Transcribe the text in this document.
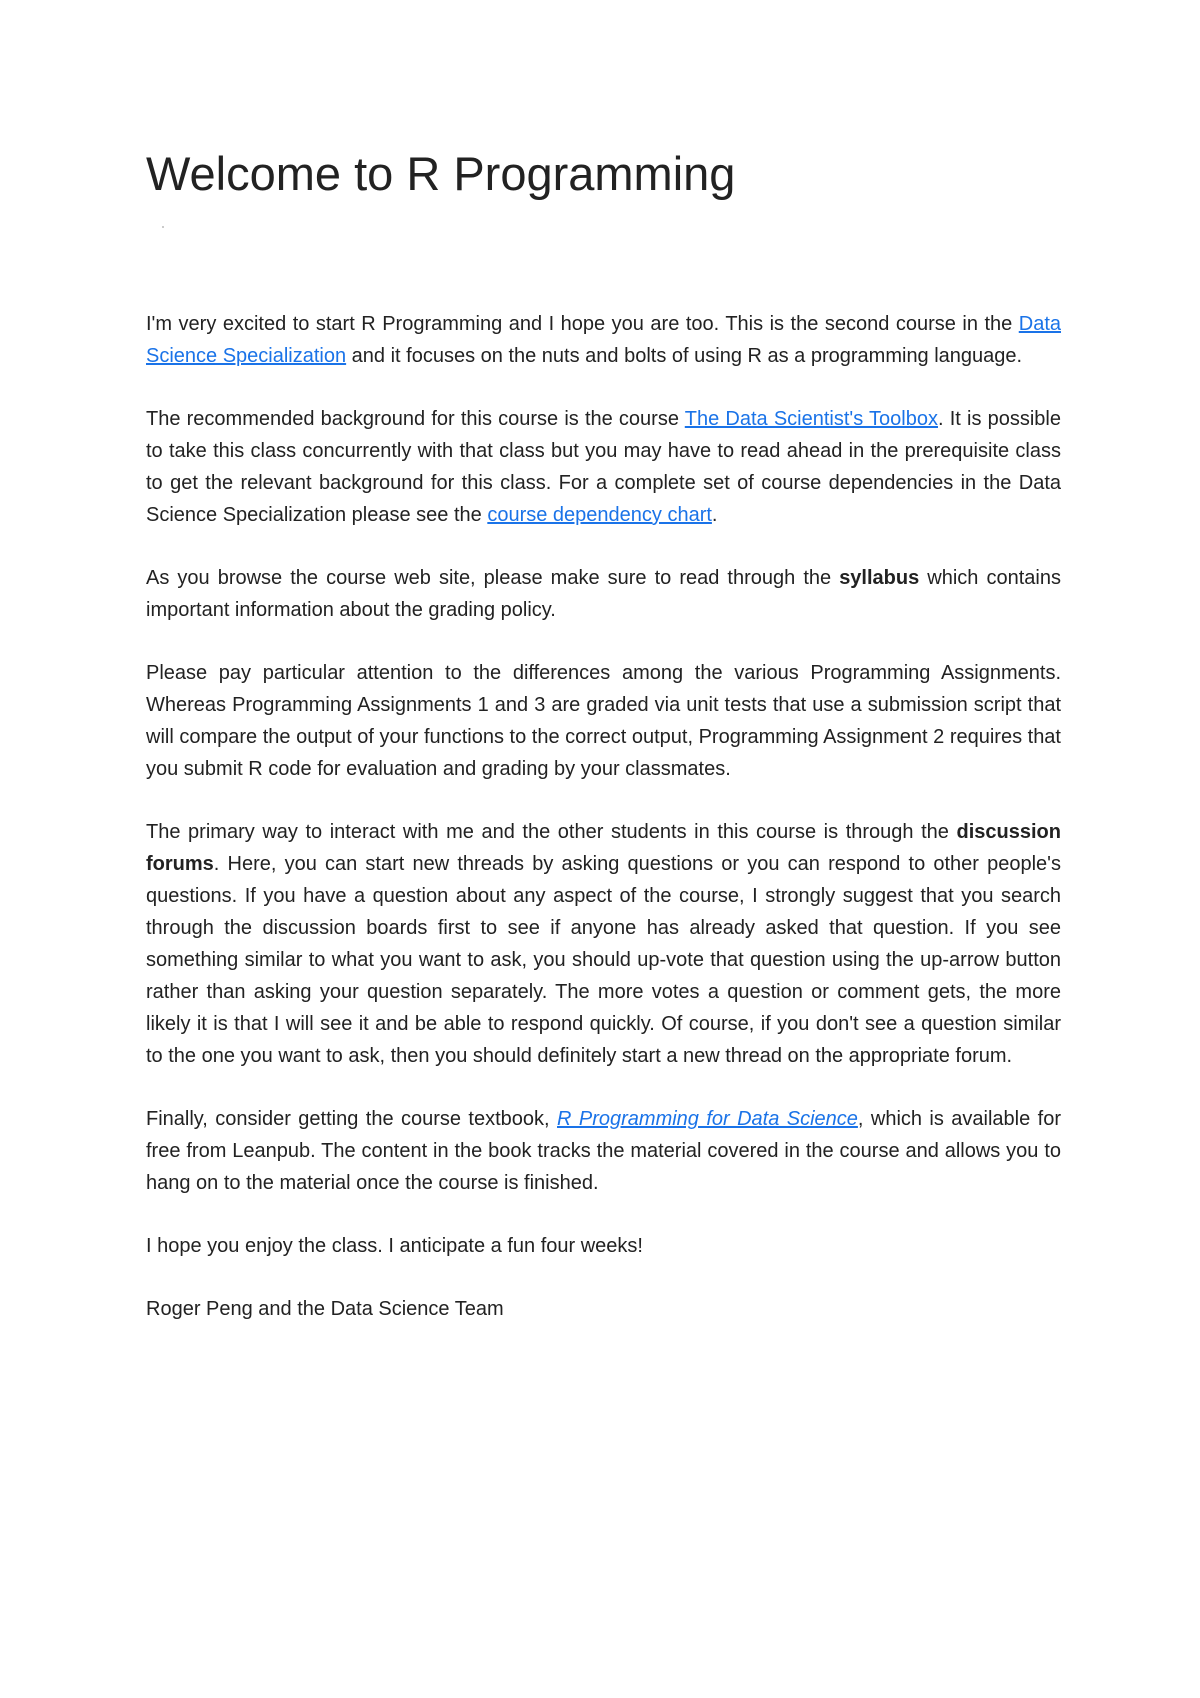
Welcome to R Programming

I'm very excited to start R Programming and I hope you are too. This is the second course in the Data Science Specialization and it focuses on the nuts and bolts of using R as a programming language.

The recommended background for this course is the course The Data Scientist's Toolbox. It is possible to take this class concurrently with that class but you may have to read ahead in the prerequisite class to get the relevant background for this class. For a complete set of course dependencies in the Data Science Specialization please see the course dependency chart.

As you browse the course web site, please make sure to read through the syllabus which contains important information about the grading policy.

Please pay particular attention to the differences among the various Programming Assignments. Whereas Programming Assignments 1 and 3 are graded via unit tests that use a submission script that will compare the output of your functions to the correct output, Programming Assignment 2 requires that you submit R code for evaluation and grading by your classmates.

The primary way to interact with me and the other students in this course is through the discussion forums. Here, you can start new threads by asking questions or you can respond to other people's questions. If you have a question about any aspect of the course, I strongly suggest that you search through the discussion boards first to see if anyone has already asked that question. If you see something similar to what you want to ask, you should up-vote that question using the up-arrow button rather than asking your question separately. The more votes a question or comment gets, the more likely it is that I will see it and be able to respond quickly. Of course, if you don't see a question similar to the one you want to ask, then you should definitely start a new thread on the appropriate forum.

Finally, consider getting the course textbook, R Programming for Data Science, which is available for free from Leanpub. The content in the book tracks the material covered in the course and allows you to hang on to the material once the course is finished.

I hope you enjoy the class. I anticipate a fun four weeks!

Roger Peng and the Data Science Team
